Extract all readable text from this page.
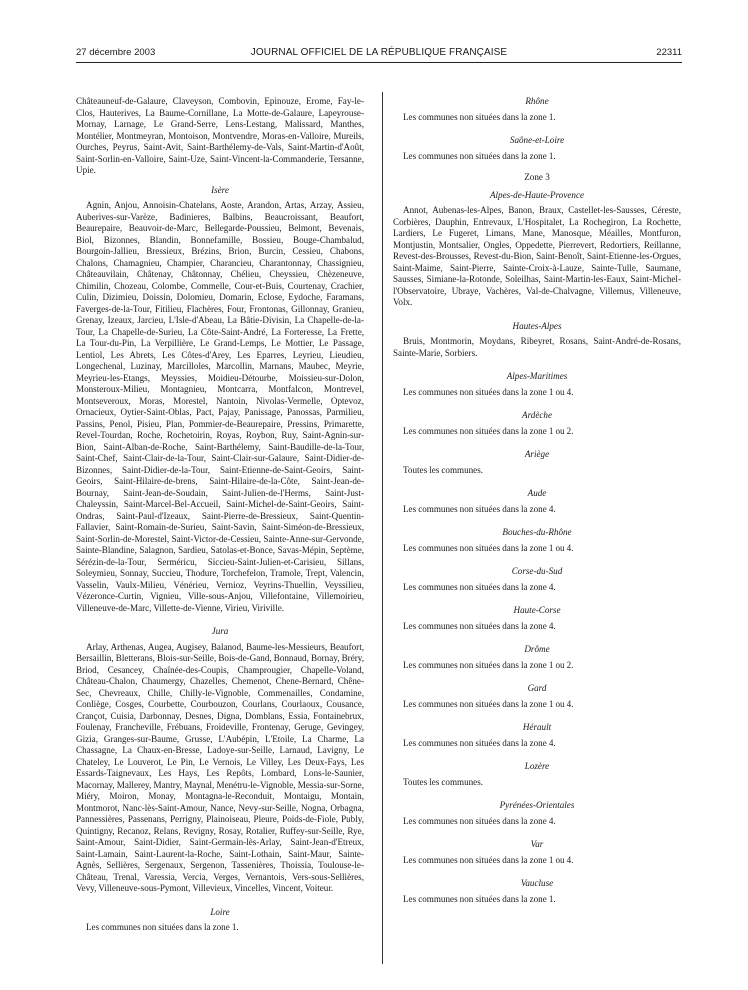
27 décembre 2003	JOURNAL OFFICIEL DE LA RÉPUBLIQUE FRANÇAISE	22311

Châteauneuf-de-Galaure, Claveyson, Combovin, Epinouze, Erome, Fay-le-Clos, Hauterives, La Baume-Cornillane, La Motte-de-Galaure, Lapeyrouse-Mornay, Larnage, Le Grand-Serre, Lens-Lestang, Malissard, Manthes, Montélier, Montmeyran, Montoison, Montvendre, Moras-en-Valloire, Mureils, Ourches, Peyrus, Saint-Avit, Saint-Barthélemy-de-Vals, Saint-Martin-d'Août, Saint-Sorlin-en-Valloire, Saint-Uze, Saint-Vincent-la-Commanderie, Tersanne, Upie.

Isère

Agnin, Anjou, Annoisin-Chatelans, Aoste, Arandon, Artas, Arzay, Assieu, Auberives-sur-Varèze, Badinieres, Balbins, Beaucroissant, Beaufort, Beaurepaire, Beauvoir-de-Marc, Bellegarde-Poussieu, Belmont, Bevenais, Biol, Bizonnes, Blandin, Bonnefamille, Bossieu, Bouge-Chambalud, Bourgoin-Jallieu, Bressieux, Brézins, Brion, Burcin, Cessieu, Chabons, Chalons, Chamagnieu, Champier, Charancieu, Charantonnay, Chassignieu, Châteauvilain, Châtenay, Châtonnay, Chélieu, Cheyssieu, Chèzeneuve, Chimilin, Chozeau, Colombe, Commelle, Cour-et-Buis, Courtenay, Crachier, Culin, Dizimieu, Doissin, Dolomieu, Domarin, Eclose, Eydoche, Faramans, Faverges-de-la-Tour, Fitilieu, Flachères, Four, Frontonas, Gillonnay, Granieu, Grenay, Izeaux, Jarcieu, L'Isle-d'Abeau, La Bâtie-Divisin, La Chapelle-de-la-Tour, La Chapelle-de-Surieu, La Côte-Saint-André, La Forteresse, La Frette, La Tour-du-Pin, La Verpillière, Le Grand-Lemps, Le Mottier, Le Passage, Lentiol, Les Abrets, Les Côtes-d'Arey, Les Eparres, Leyrieu, Lieudieu, Longechenal, Luzinay, Marcilloles, Marcollin, Marnans, Maubec, Meyrie, Meyrieu-les-Etangs, Meyssies, Moidieu-Détourbe, Moissieu-sur-Dolon, Monsteroux-Milieu, Montagnieu, Montcarra, Montfalcon, Montrevel, Montseveroux, Moras, Morestel, Nantoin, Nivolas-Vermelle, Optevoz, Ornacieux, Oytier-Saint-Oblas, Pact, Pajay, Panissage, Panossas, Parmilieu, Passins, Penol, Pisieu, Plan, Pommier-de-Beaurepaire, Pressins, Primarette, Revel-Tourdan, Roche, Rochetoirin, Royas, Roybon, Ruy, Saint-Agnin-sur-Bion, Saint-Alban-de-Roche, Saint-Barthélemy, Saint-Baudille-de-la-Tour, Saint-Chef, Saint-Clair-de-la-Tour, Saint-Clair-sur-Galaure, Saint-Didier-de-Bizonnes, Saint-Didier-de-la-Tour, Saint-Etienne-de-Saint-Geoirs, Saint-Geoirs, Saint-Hilaire-de-brens, Saint-Hilaire-de-la-Côte, Saint-Jean-de-Bournay, Saint-Jean-de-Soudain, Saint-Julien-de-l'Herms, Saint-Just-Chaleyssin, Saint-Marcel-Bel-Accueil, Saint-Michel-de-Saint-Geoirs, Saint-Ondras, Saint-Paul-d'Izeaux, Saint-Pierre-de-Bressieux, Saint-Quentin-Fallavier, Saint-Romain-de-Surieu, Saint-Savin, Saint-Siméon-de-Bressieux, Saint-Sorlin-de-Morestel, Saint-Victor-de-Cessieu, Sainte-Anne-sur-Gervonde, Sainte-Blandine, Salagnon, Sardieu, Satolas-et-Bonce, Savas-Mépin, Septème, Sérézin-de-la-Tour, Serméricu, Sicciеu-Saint-Julien-et-Carisieu, Sillans, Soleymieu, Sonnay, Succieu, Thodure, Torchefelon, Tramole, Trept, Valencin, Vasselin, Vaulx-Milieu, Vénérieu, Vernioz, Veyrins-Thuellin, Veyssilieu, Vézeronce-Curtin, Vignieu, Ville-sous-Anjou, Villefontaine, Villemoirieu, Villeneuve-de-Marc, Villette-de-Vienne, Virieu, Viriville.

Jura

Arlay, Arthenas, Augea, Augisey, Balanod, Baume-les-Messieurs, Beaufort, Bersaillin, Bletterans, Blois-sur-Seille, Bois-de-Gand, Bonnaud, Bornay, Bréry, Briod, Cesancey, Chaînée-des-Coupis, Champrougier, Chapelle-Voland, Château-Chalon, Chaumergy, Chazelles, Chemenot, Chene-Bernard, Chêne-Sec, Chevreaux, Chille, Chilly-le-Vignoble, Commenailles, Condamine, Conliège, Cosges, Courbette, Courbouzon, Courlans, Courlaoux, Cousance, Crançot, Cuisia, Darbonnay, Desnes, Digna, Domblans, Essia, Fontainebrux, Foulenay, Francheville, Frébuans, Froideville, Frontenay, Geruge, Gevingey, Gizia, Granges-sur-Baume, Grusse, L'Aubépin, L'Etoile, La Charme, La Chassagne, La Chaux-en-Bresse, Ladoye-sur-Seille, Larnaud, Lavigny, Le Chateley, Le Louverot, Le Pin, Le Vernois, Le Villey, Les Deux-Fays, Les Essards-Taignevaux, Les Hays, Les Repôts, Lombard, Lons-le-Saunier, Macornay, Mallerey, Mantry, Maynal, Menétru-le-Vignoble, Messia-sur-Sorne, Miéry, Moiron, Monay, Montagna-le-Reconduit, Montaigu, Montain, Montmorot, Nanc-lès-Saint-Amour, Nance, Nevy-sur-Seille, Nogna, Orbagna, Pannessières, Passenans, Perrigny, Plainoiseau, Pleure, Poids-de-Fiole, Publy, Quintigny, Recanoz, Relans, Revigny, Rosay, Rotalier, Ruffey-sur-Seille, Rye, Saint-Amour, Saint-Didier, Saint-Germain-lès-Arlay, Saint-Jean-d'Etreux, Saint-Lamain, Saint-Laurent-la-Roche, Saint-Lothain, Saint-Maur, Sainte-Agnès, Sellières, Sergenaux, Sergenon, Tassenières, Thoissia, Toulouse-le-Château, Trenal, Varessia, Vercia, Verges, Vernantois, Vers-sous-Sellières, Vevy, Villeneuve-sous-Pymont, Villevieux, Vincelles, Vincent, Voiteur.

Loire

Les communes non situées dans la zone 1.

Rhône

Les communes non situées dans la zone 1.

Saône-et-Loire

Les communes non situées dans la zone 1.

Zone 3
Alpes-de-Haute-Provence

Annot, Aubenas-les-Alpes, Banon, Braux, Castellet-les-Sausses, Céreste, Corbières, Dauphin, Entrevaux, L'Hospitalet, La Rochegiron, La Rochette, Lardiers, Le Fugeret, Limans, Mane, Manosque, Méailles, Montfuron, Montjustin, Montsalier, Ongles, Oppedette, Pierrevert, Redortiers, Reillanne, Revest-des-Brousses, Revest-du-Bion, Saint-Benoît, Saint-Etienne-les-Orgues, Saint-Maime, Saint-Pierre, Sainte-Croix-à-Lauze, Sainte-Tulle, Saumane, Sausses, Simiane-la-Rotonde, Soleilhas, Saint-Martin-les-Eaux, Saint-Michel-l'Observatoire, Ubraye, Vachères, Val-de-Chalvagne, Villemus, Villeneuve, Volx.

Hautes-Alpes

Bruis, Montmorin, Moydans, Ribeyret, Rosans, Saint-André-de-Rosans, Sainte-Marie, Sorbiers.

Alpes-Maritimes

Les communes non situées dans la zone 1 ou 4.

Ardèche

Les communes non situées dans la zone 1 ou 2.

Ariège

Toutes les communes.

Aude

Les communes non situées dans la zone 4.

Bouches-du-Rhône

Les communes non situées dans la zone 1 ou 4.

Corse-du-Sud

Les communes non situées dans la zone 4.

Haute-Corse

Les communes non situées dans la zone 4.

Drôme

Les communes non situées dans la zone 1 ou 2.

Gard

Les communes non situées dans la zone 1 ou 4.

Hérault

Les communes non situées dans la zone 4.

Lozère

Toutes les communes.

Pyrénées-Orientales

Les communes non situées dans la zone 4.

Var

Les communes non situées dans la zone 1 ou 4.

Vaucluse

Les communes non situées dans la zone 1.
